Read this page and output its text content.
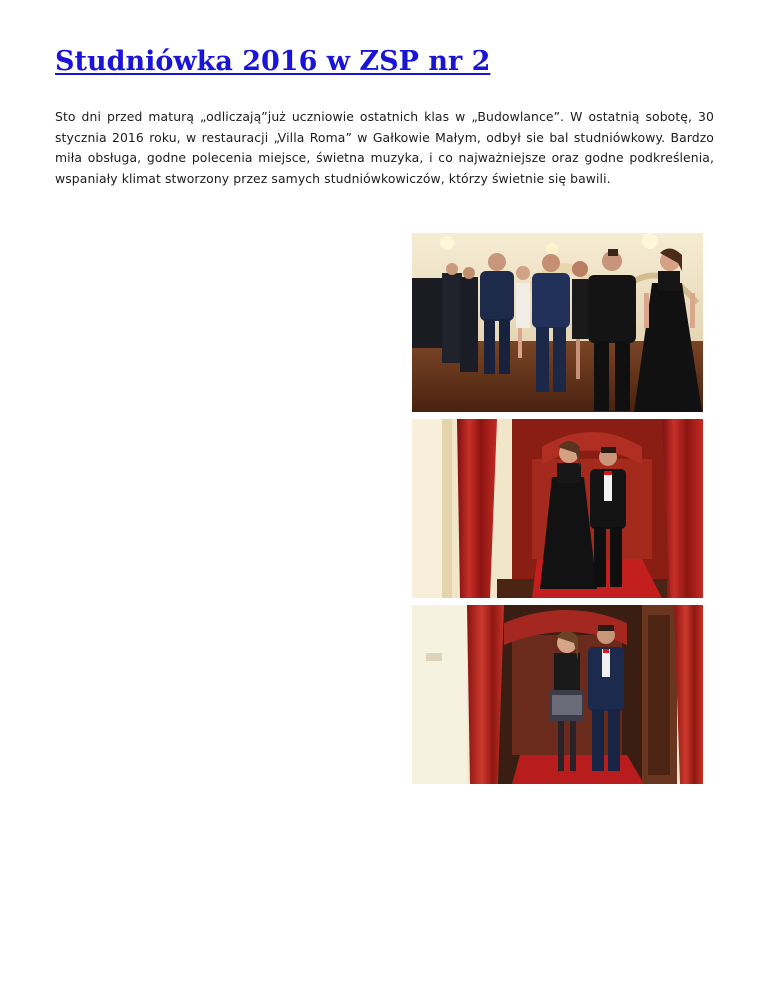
Studniówka 2016 w ZSP nr 2

Sto dni przed maturą „odliczają”już uczniowie ostatnich klas w „Budowlance”. W ostatnią sobotę, 30 stycznia 2016 roku, w restauracji „Villa Roma” w Gałkowie Małym, odbył sie bal studniówkowy. Bardzo miła obsługa, godne polecenia miejsce, świetna muzyka, i co najważniejsze oraz godne podkreślenia, wspaniały klimat stworzony przez samych studniówkowiczów, którzy świetnie się bawili.
